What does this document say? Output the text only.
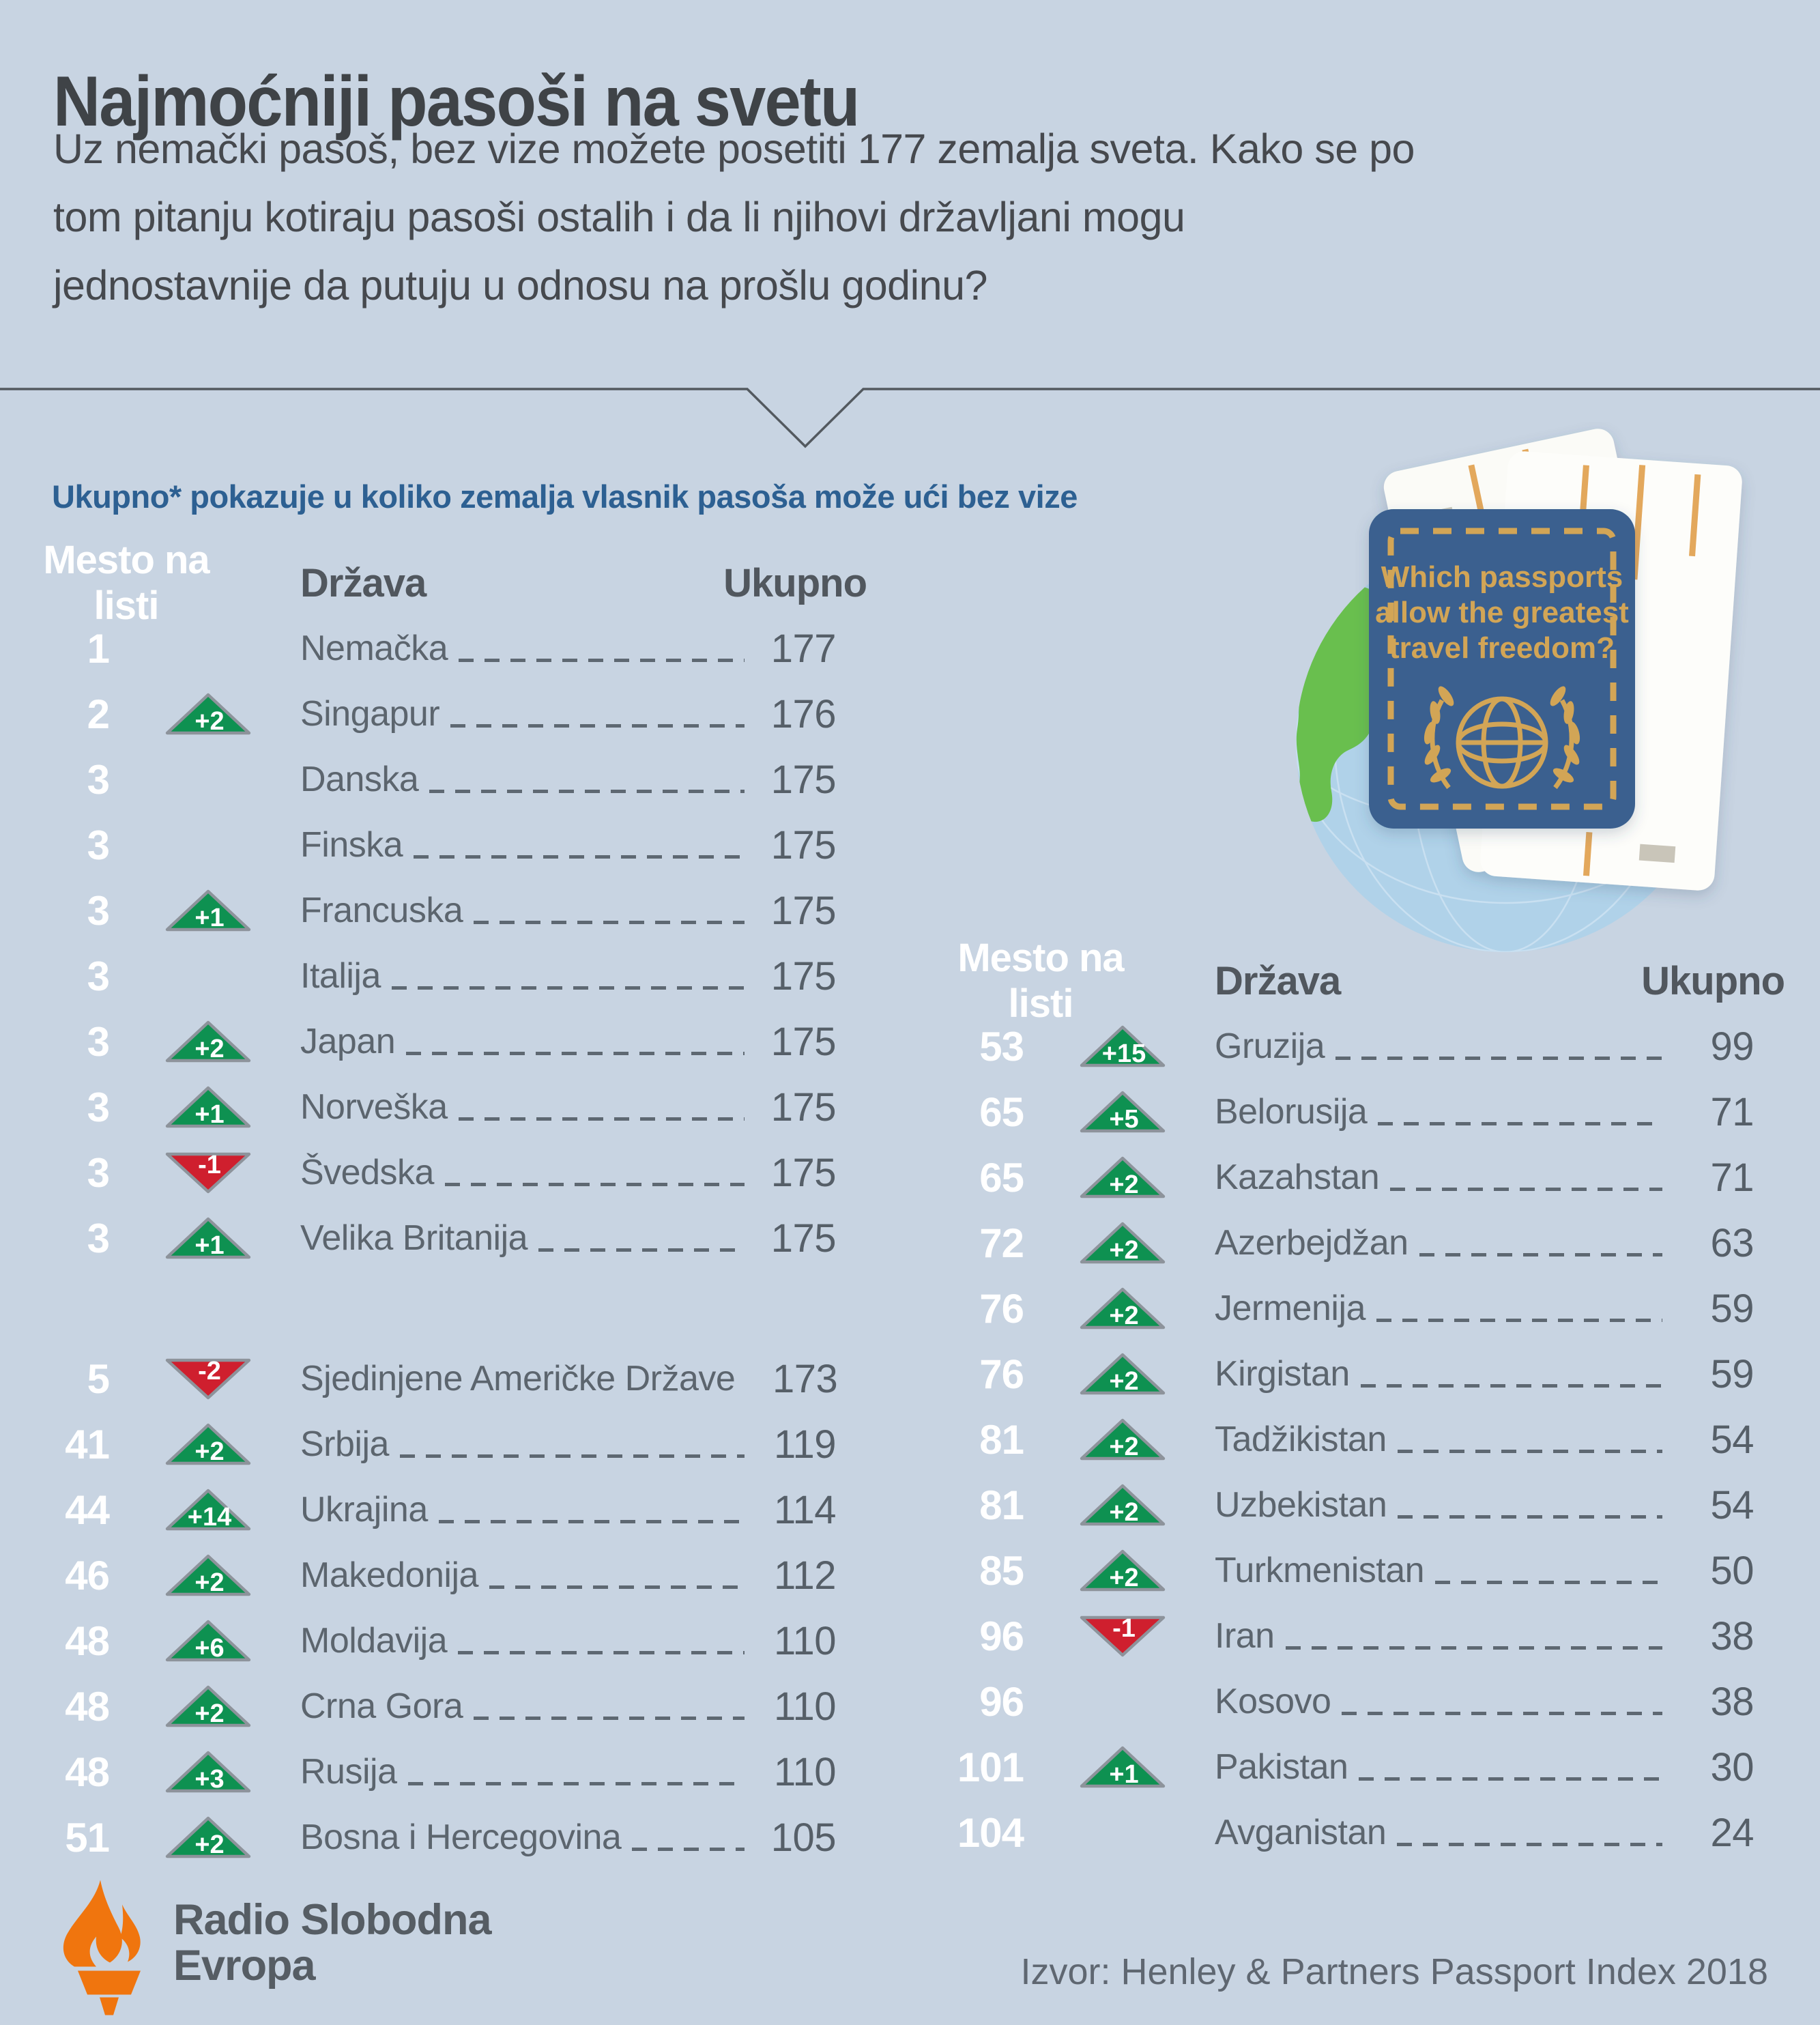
Najmoćniji pasoši na svetu
Uz nemački pasoš, bez vize možete posetiti 177 zemalja sveta. Kako se po
tom pitanju kotiraju pasoši ostalih i da li njihovi državljani mogu
jednostavnije da putuju u odnosu na prošlu godinu?
Ukupno* pokazuje u koliko zemalja vlasnik pasoša može ući bez vize
Mesto na listi
Država	Ukupno
1	Nemačka	177
2	+2	Singapur	176
3	Danska	175
3	Finska	175
3	+1	Francuska	175
3	Italija	175
3	+2	Japan	175
3	+1	Norveška	175
3	-1	Švedska	175
3	+1	Velika Britanija	175
5	-2	Sjedinjene Američke Države 173
41	+2	Srbija	119
44	+14	Ukrajina	114
46	+2	Makedonija	112
48	+6	Moldavija	110
48	+2	Crna Gora	110
48	+3	Rusija	110
51	+2	Bosna i Hercegovina	105
Mesto na listi
Država	Ukupno
53	+15	Gruzija	99
65	+5	Belorusija	71
65	+2	Kazahstan	71
72	+2	Azerbejdžan	63
76	+2	Jermenija	59
76	+2	Kirgistan	59
81	+2	Tadžikistan	54
81	+2	Uzbekistan	54
85	+2	Turkmenistan	50
96	-1	Iran	38
96	Kosovo	38
101	+1	Pakistan	30
104	Avganistan	24
Which passports
allow the greatest
travel freedom?
Radio Slobodna
Evropa	Izvor: Henley & Partners Passport Index 2018
